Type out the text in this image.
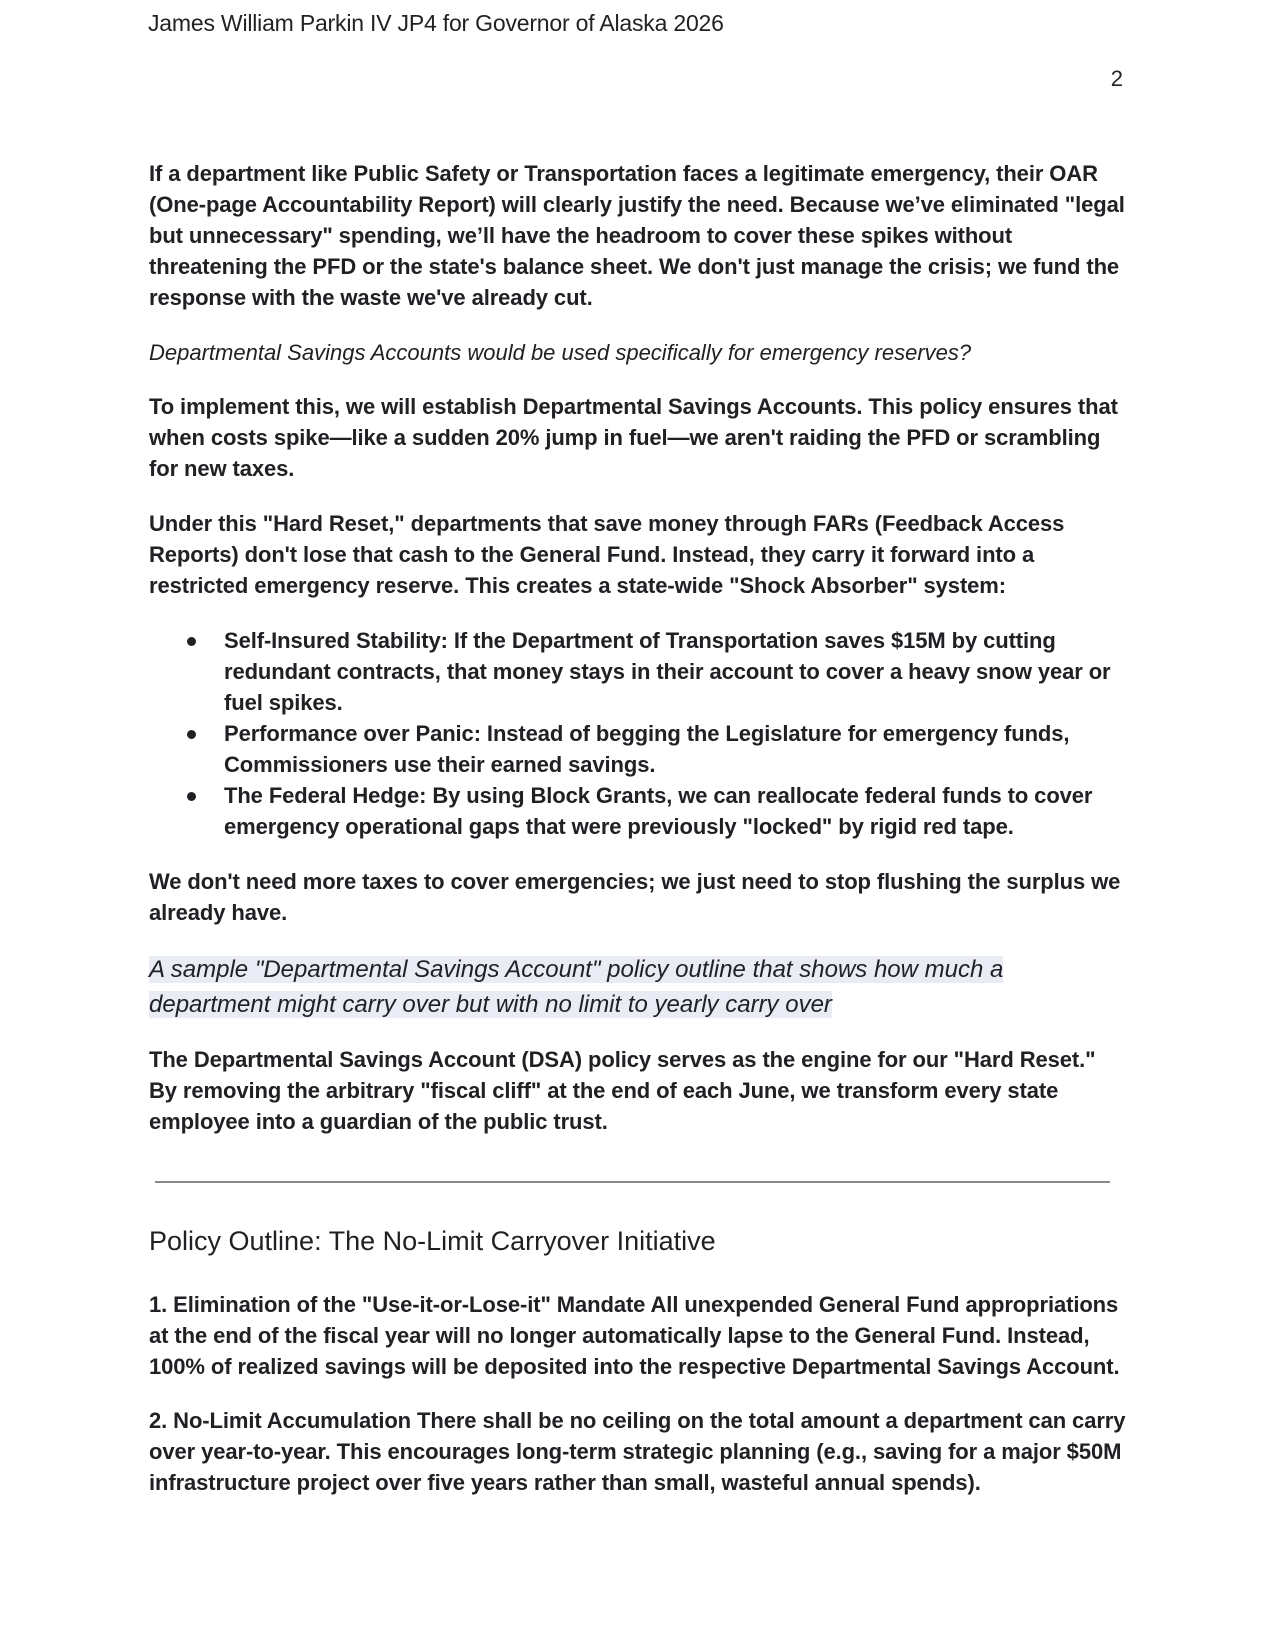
James William Parkin IV JP4 for Governor of Alaska 2026
2

If a department like Public Safety or Transportation faces a legitimate emergency, their OAR (One-page Accountability Report) will clearly justify the need. Because we’ve eliminated "legal but unnecessary" spending, we’ll have the headroom to cover these spikes without threatening the PFD or the state's balance sheet. We don't just manage the crisis; we fund the response with the waste we've already cut.

Departmental Savings Accounts would be used specifically for emergency reserves?

To implement this, we will establish Departmental Savings Accounts. This policy ensures that when costs spike—like a sudden 20% jump in fuel—we aren't raiding the PFD or scrambling for new taxes.

Under this "Hard Reset," departments that save money through FARs (Feedback Access Reports) don't lose that cash to the General Fund. Instead, they carry it forward into a restricted emergency reserve. This creates a state-wide "Shock Absorber" system:

Self-Insured Stability: If the Department of Transportation saves $15M by cutting redundant contracts, that money stays in their account to cover a heavy snow year or fuel spikes.
Performance over Panic: Instead of begging the Legislature for emergency funds, Commissioners use their earned savings.
The Federal Hedge: By using Block Grants, we can reallocate federal funds to cover emergency operational gaps that were previously "locked" by rigid red tape.

We don't need more taxes to cover emergencies; we just need to stop flushing the surplus we already have.

A sample "Departmental Savings Account" policy outline that shows how much a department might carry over but with no limit to yearly carry over

The Departmental Savings Account (DSA) policy serves as the engine for our "Hard Reset." By removing the arbitrary "fiscal cliff" at the end of each June, we transform every state employee into a guardian of the public trust.

Policy Outline: The No-Limit Carryover Initiative

1. Elimination of the "Use-it-or-Lose-it" Mandate All unexpended General Fund appropriations at the end of the fiscal year will no longer automatically lapse to the General Fund. Instead, 100% of realized savings will be deposited into the respective Departmental Savings Account.

2. No-Limit Accumulation There shall be no ceiling on the total amount a department can carry over year-to-year. This encourages long-term strategic planning (e.g., saving for a major $50M infrastructure project over five years rather than small, wasteful annual spends).
